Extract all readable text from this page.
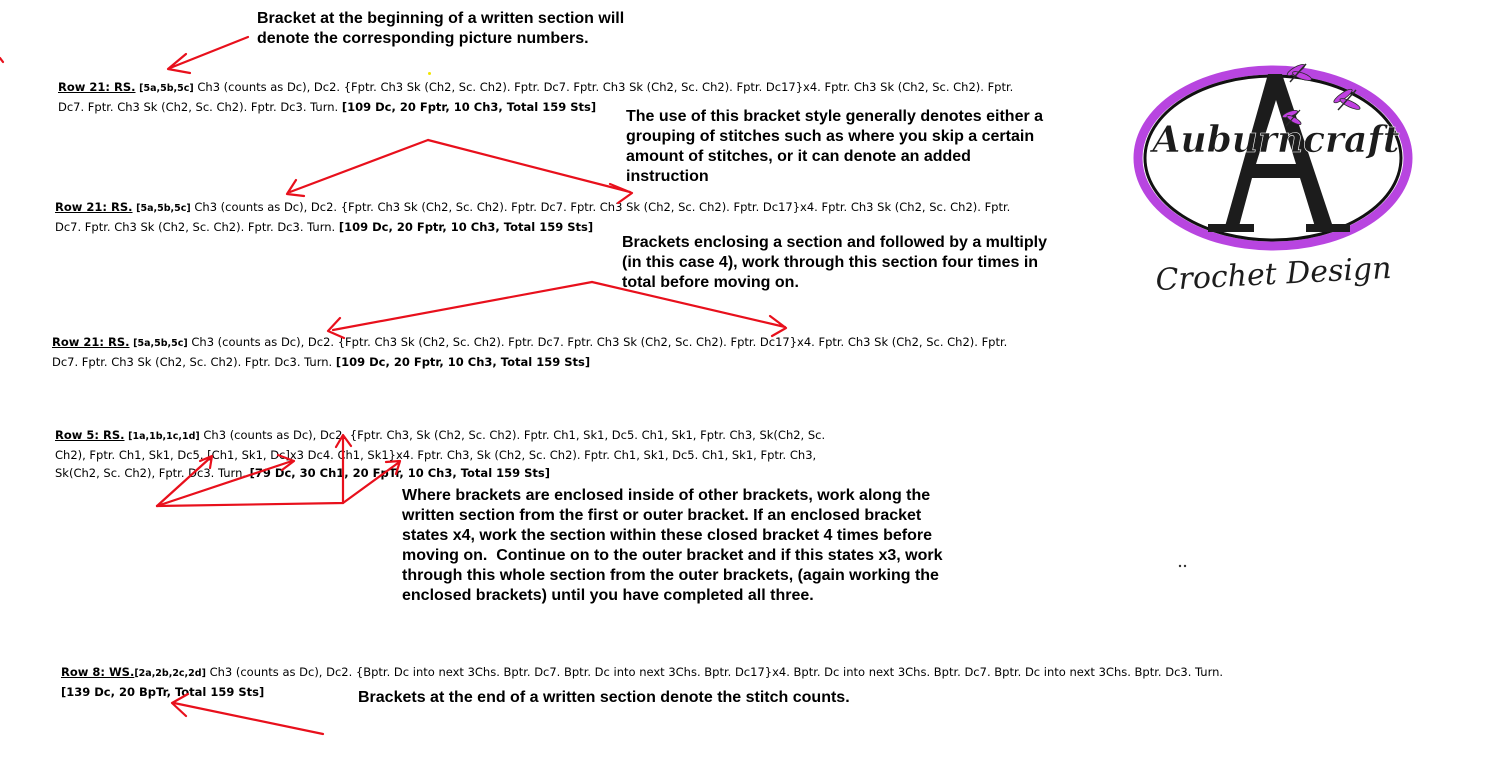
Bracket at the beginning of a written section will
denote the corresponding picture numbers.

The use of this bracket style generally denotes either a
grouping of stitches such as where you skip a certain
amount of stitches, or it can denote an added
instruction

Brackets enclosing a section and followed by a multiply
(in this case 4), work through this section four times in
total before moving on.

Where brackets are enclosed inside of other brackets, work along the
written section from the first or outer bracket. If an enclosed bracket
states x4, work the section within these closed bracket 4 times before
moving on.  Continue on to the outer bracket and if this states x3, work
through this whole section from the outer brackets, (again working the
enclosed brackets) until you have completed all three.

Brackets at the end of a written section denote the stitch counts.

Row 21: RS. [5a,5b,5c] Ch3 (counts as Dc), Dc2. {Fptr. Ch3 Sk (Ch2, Sc. Ch2). Fptr. Dc7. Fptr. Ch3 Sk (Ch2, Sc. Ch2). Fptr. Dc17}x4. Fptr. Ch3 Sk (Ch2, Sc. Ch2). Fptr.
Dc7. Fptr. Ch3 Sk (Ch2, Sc. Ch2). Fptr. Dc3. Turn. [109 Dc, 20 Fptr, 10 Ch3, Total 159 Sts]
Row 21: RS. [5a,5b,5c] Ch3 (counts as Dc), Dc2. {Fptr. Ch3 Sk (Ch2, Sc. Ch2). Fptr. Dc7. Fptr. Ch3 Sk (Ch2, Sc. Ch2). Fptr. Dc17}x4. Fptr. Ch3 Sk (Ch2, Sc. Ch2). Fptr.
Dc7. Fptr. Ch3 Sk (Ch2, Sc. Ch2). Fptr. Dc3. Turn. [109 Dc, 20 Fptr, 10 Ch3, Total 159 Sts]
Row 21: RS. [5a,5b,5c] Ch3 (counts as Dc), Dc2. {Fptr. Ch3 Sk (Ch2, Sc. Ch2). Fptr. Dc7. Fptr. Ch3 Sk (Ch2, Sc. Ch2). Fptr. Dc17}x4. Fptr. Ch3 Sk (Ch2, Sc. Ch2). Fptr.
Dc7. Fptr. Ch3 Sk (Ch2, Sc. Ch2). Fptr. Dc3. Turn. [109 Dc, 20 Fptr, 10 Ch3, Total 159 Sts]
Row 5: RS. [1a,1b,1c,1d] Ch3 (counts as Dc), Dc2. {Fptr. Ch3, Sk (Ch2, Sc. Ch2). Fptr. Ch1, Sk1, Dc5. Ch1, Sk1, Fptr. Ch3, Sk(Ch2, Sc.
Ch2), Fptr. Ch1, Sk1, Dc5. [Ch1, Sk1, Dc]x3 Dc4. Ch1, Sk1}x4. Fptr. Ch3, Sk (Ch2, Sc. Ch2). Fptr. Ch1, Sk1, Dc5. Ch1, Sk1, Fptr. Ch3,
Sk(Ch2, Sc. Ch2), Fptr. Dc3. Turn. [79 Dc, 30 Ch1, 20 FpTr, 10 Ch3, Total 159 Sts]
Row 8: WS.[2a,2b,2c,2d] Ch3 (counts as Dc), Dc2. {Bptr. Dc into next 3Chs. Bptr. Dc7. Bptr. Dc into next 3Chs. Bptr. Dc17}x4. Bptr. Dc into next 3Chs. Bptr. Dc7. Bptr. Dc into next 3Chs. Bptr. Dc3. Turn.
[139 Dc, 20 BpTr, Total 159 Sts]
Auburncraft
Crochet Design
